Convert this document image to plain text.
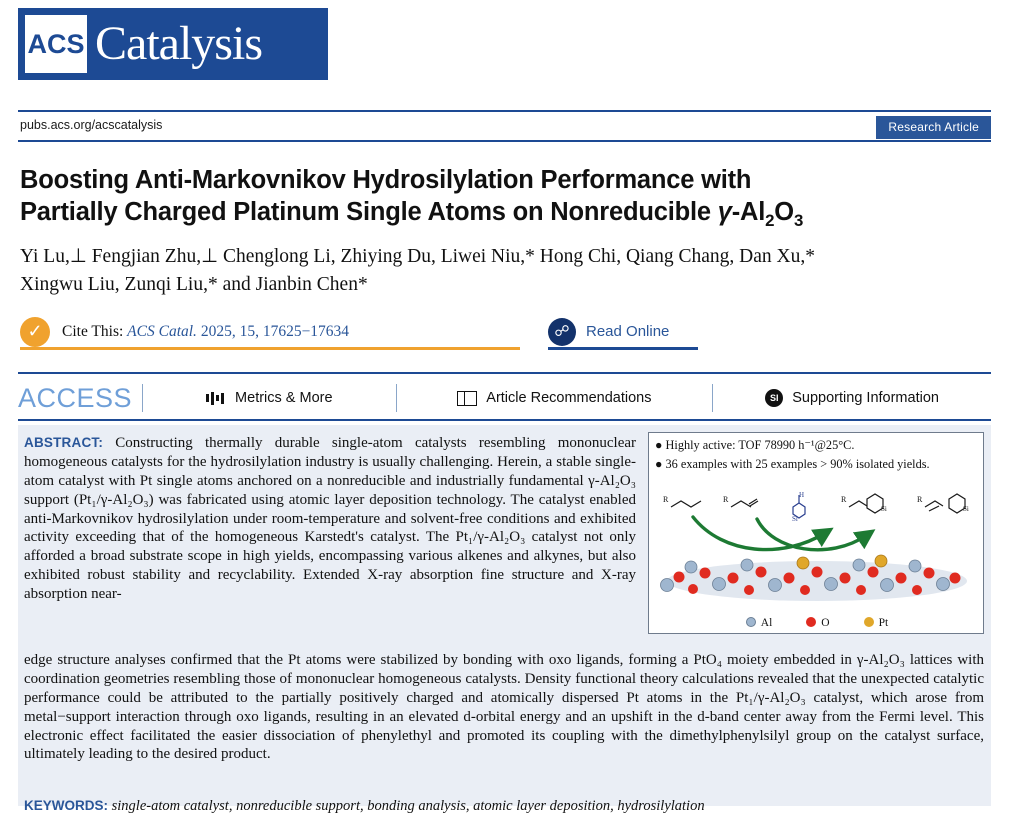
ACS Catalysis
pubs.acs.org/acscatalysis	Research Article
Boosting Anti-Markovnikov Hydrosilylation Performance with
Partially Charged Platinum Single Atoms on Nonreducible $\gamma-Al_2O_3$
Yi Lu,⊥ Fengjian Zhu,⊥ Chenglong Li, Zhiying Du, Liwei Niu,* Hong Chi, Qiang Chang, Dan Xu,*
Xingwu Liu, Zunqi Liu,* and Jianbin Chen*
✓	Cite This: ACS Catal. 2025, 15, 17625−17634	☍	Read Online
ACCESS	Metrics & More	Article Recommendations	SI Supporting Information
ABSTRACT: Constructing thermally durable single-atom catalysts resembling mononuclear homogeneous catalysts for the hydrosilylation industry is usually challenging. Herein, a stable single-atom catalyst with Pt single atoms anchored on a nonreducible and industrially fundamental γ-Al₂O₃ support (Pt₁/γ-Al₂O₃) was fabricated using atomic layer deposition technology. The catalyst enabled anti-Markovnikov hydrosilylation under room-temperature and solvent-free conditions and exhibited activity exceeding that of the homogeneous Karstedt's catalyst. The Pt₁/γ-Al₂O₃ catalyst not only afforded a broad substrate scope in high yields, encompassing various alkenes and alkynes, but also exhibited robust stability and recyclability. Extended X-ray absorption fine structure and X-ray absorption near-
edge structure analyses confirmed that the Pt atoms were stabilized by bonding with oxo ligands, forming a PtO₄ moiety embedded in γ-Al₂O₃ lattices with coordination geometries resembling those of mononuclear homogeneous catalysts. Density functional theory calculations revealed that the unexpected catalytic performance could be attributed to the partially positively charged and atomically dispersed Pt atoms in the Pt₁/γ-Al₂O₃ catalyst, which arose from metal−support interaction through oxo ligands, resulting in an elevated d-orbital energy and an upshift in the d-band center away from the Fermi level. This electronic effect facilitated the easier dissociation of phenylethyl and promoted its coupling with the dimethylphenylsilyl group on the catalyst surface, ultimately leading to the desired product.
KEYWORDS: single-atom catalyst, nonreducible support, bonding analysis, atomic layer deposition, hydrosilylation
● Highly active: TOF 78990 h⁻¹@25°C.
● 36 examples with 25 examples > 90% isolated yields.
R	R	R	R
Si	Si
Si
H
Al	O	Pt
